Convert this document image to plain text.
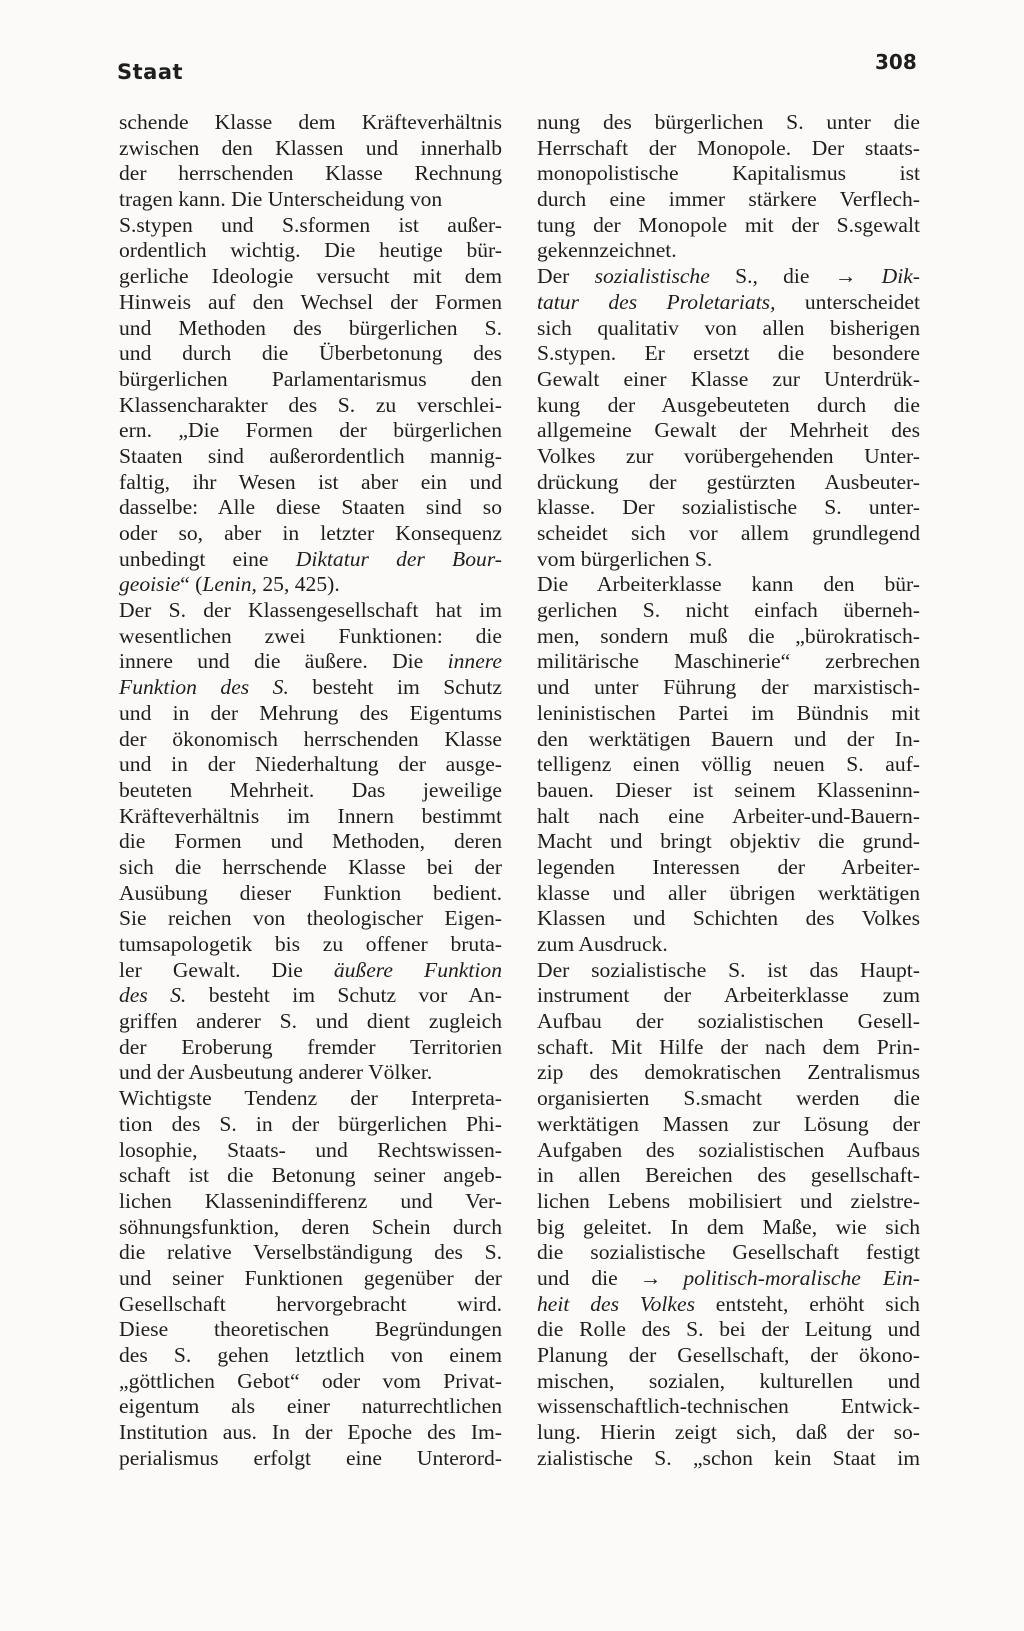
Staat	308
schende Klasse dem Kräfteverhältnis
zwischen den Klassen und innerhalb
der herrschenden Klasse Rechnung
tragen kann. Die Unterscheidung von
S.stypen und S.sformen ist außer-
ordentlich wichtig. Die heutige bür-
gerliche Ideologie versucht mit dem
Hinweis auf den Wechsel der Formen
und Methoden des bürgerlichen S.
und durch die Überbetonung des
bürgerlichen Parlamentarismus den
Klassencharakter des S. zu verschlei-
ern. „Die Formen der bürgerlichen
Staaten sind außerordentlich mannig-
faltig, ihr Wesen ist aber ein und
dasselbe: Alle diese Staaten sind so
oder so, aber in letzter Konsequenz
unbedingt eine Diktatur der Bour-
geoisie“ (Lenin, 25, 425).
Der S. der Klassengesellschaft hat im
wesentlichen zwei Funktionen: die
innere und die äußere. Die innere
Funktion des S. besteht im Schutz
und in der Mehrung des Eigentums
der ökonomisch herrschenden Klasse
und in der Niederhaltung der ausge-
beuteten Mehrheit. Das jeweilige
Kräfteverhältnis im Innern bestimmt
die Formen und Methoden, deren
sich die herrschende Klasse bei der
Ausübung dieser Funktion bedient.
Sie reichen von theologischer Eigen-
tumsapologetik bis zu offener bruta-
ler Gewalt. Die äußere Funktion
des S. besteht im Schutz vor An-
griffen anderer S. und dient zugleich
der Eroberung fremder Territorien
und der Ausbeutung anderer Völker.
Wichtigste Tendenz der Interpreta-
tion des S. in der bürgerlichen Phi-
losophie, Staats- und Rechtswissen-
schaft ist die Betonung seiner angeb-
lichen Klassenindifferenz und Ver-
söhnungsfunktion, deren Schein durch
die relative Verselbständigung des S.
und seiner Funktionen gegenüber der
Gesellschaft hervorgebracht wird.
Diese theoretischen Begründungen
des S. gehen letztlich von einem
„göttlichen Gebot“ oder vom Privat-
eigentum als einer naturrechtlichen
Institution aus. In der Epoche des Im-
perialismus erfolgt eine Unterord-
nung des bürgerlichen S. unter die
Herrschaft der Monopole. Der staats-
monopolistische Kapitalismus ist
durch eine immer stärkere Verflech-
tung der Monopole mit der S.sgewalt
gekennzeichnet.
Der sozialistische S., die → Dik-
tatur des Proletariats, unterscheidet
sich qualitativ von allen bisherigen
S.stypen. Er ersetzt die besondere
Gewalt einer Klasse zur Unterdrük-
kung der Ausgebeuteten durch die
allgemeine Gewalt der Mehrheit des
Volkes zur vorübergehenden Unter-
drückung der gestürzten Ausbeuter-
klasse. Der sozialistische S. unter-
scheidet sich vor allem grundlegend
vom bürgerlichen S.
Die Arbeiterklasse kann den bür-
gerlichen S. nicht einfach überneh-
men, sondern muß die „bürokratisch-
militärische Maschinerie“ zerbrechen
und unter Führung der marxistisch-
leninistischen Partei im Bündnis mit
den werktätigen Bauern und der In-
telligenz einen völlig neuen S. auf-
bauen. Dieser ist seinem Klasseninn-
halt nach eine Arbeiter-und-Bauern-
Macht und bringt objektiv die grund-
legenden Interessen der Arbeiter-
klasse und aller übrigen werktätigen
Klassen und Schichten des Volkes
zum Ausdruck.
Der sozialistische S. ist das Haupt-
instrument der Arbeiterklasse zum
Aufbau der sozialistischen Gesell-
schaft. Mit Hilfe der nach dem Prin-
zip des demokratischen Zentralismus
organisierten S.smacht werden die
werktätigen Massen zur Lösung der
Aufgaben des sozialistischen Aufbaus
in allen Bereichen des gesellschaft-
lichen Lebens mobilisiert und zielstre-
big geleitet. In dem Maße, wie sich
die sozialistische Gesellschaft festigt
und die → politisch-moralische Ein-
heit des Volkes entsteht, erhöht sich
die Rolle des S. bei der Leitung und
Planung der Gesellschaft, der ökono-
mischen, sozialen, kulturellen und
wissenschaftlich-technischen Entwick-
lung. Hierin zeigt sich, daß der so-
zialistische S. „schon kein Staat im
